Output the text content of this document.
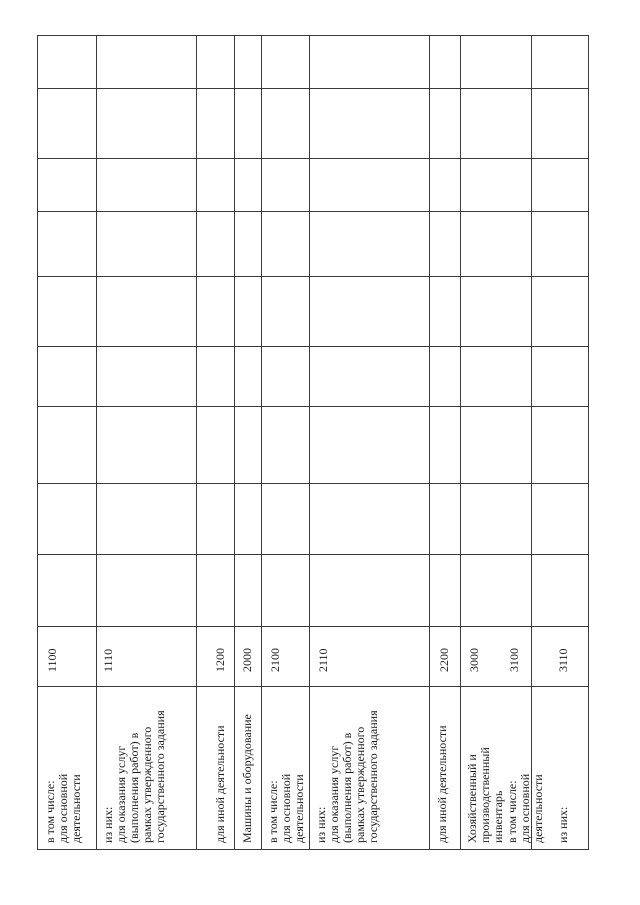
в том числе: для основной деятельности
1100
из них: для оказания услуг (выполнения работ) в рамках утвержденного государственного задания
1110
для иной деятельности
1200
Машины и оборудование
2000
в том числе: для основной деятельности
2100
из них: для оказания услуг (выполнения работ) в рамках утвержденного государственного задания
2110
для иной деятельности
2200
Хозяйственный и производственный инвентарь
3000
в том числе: для основной деятельности
3100
из них:
3110
